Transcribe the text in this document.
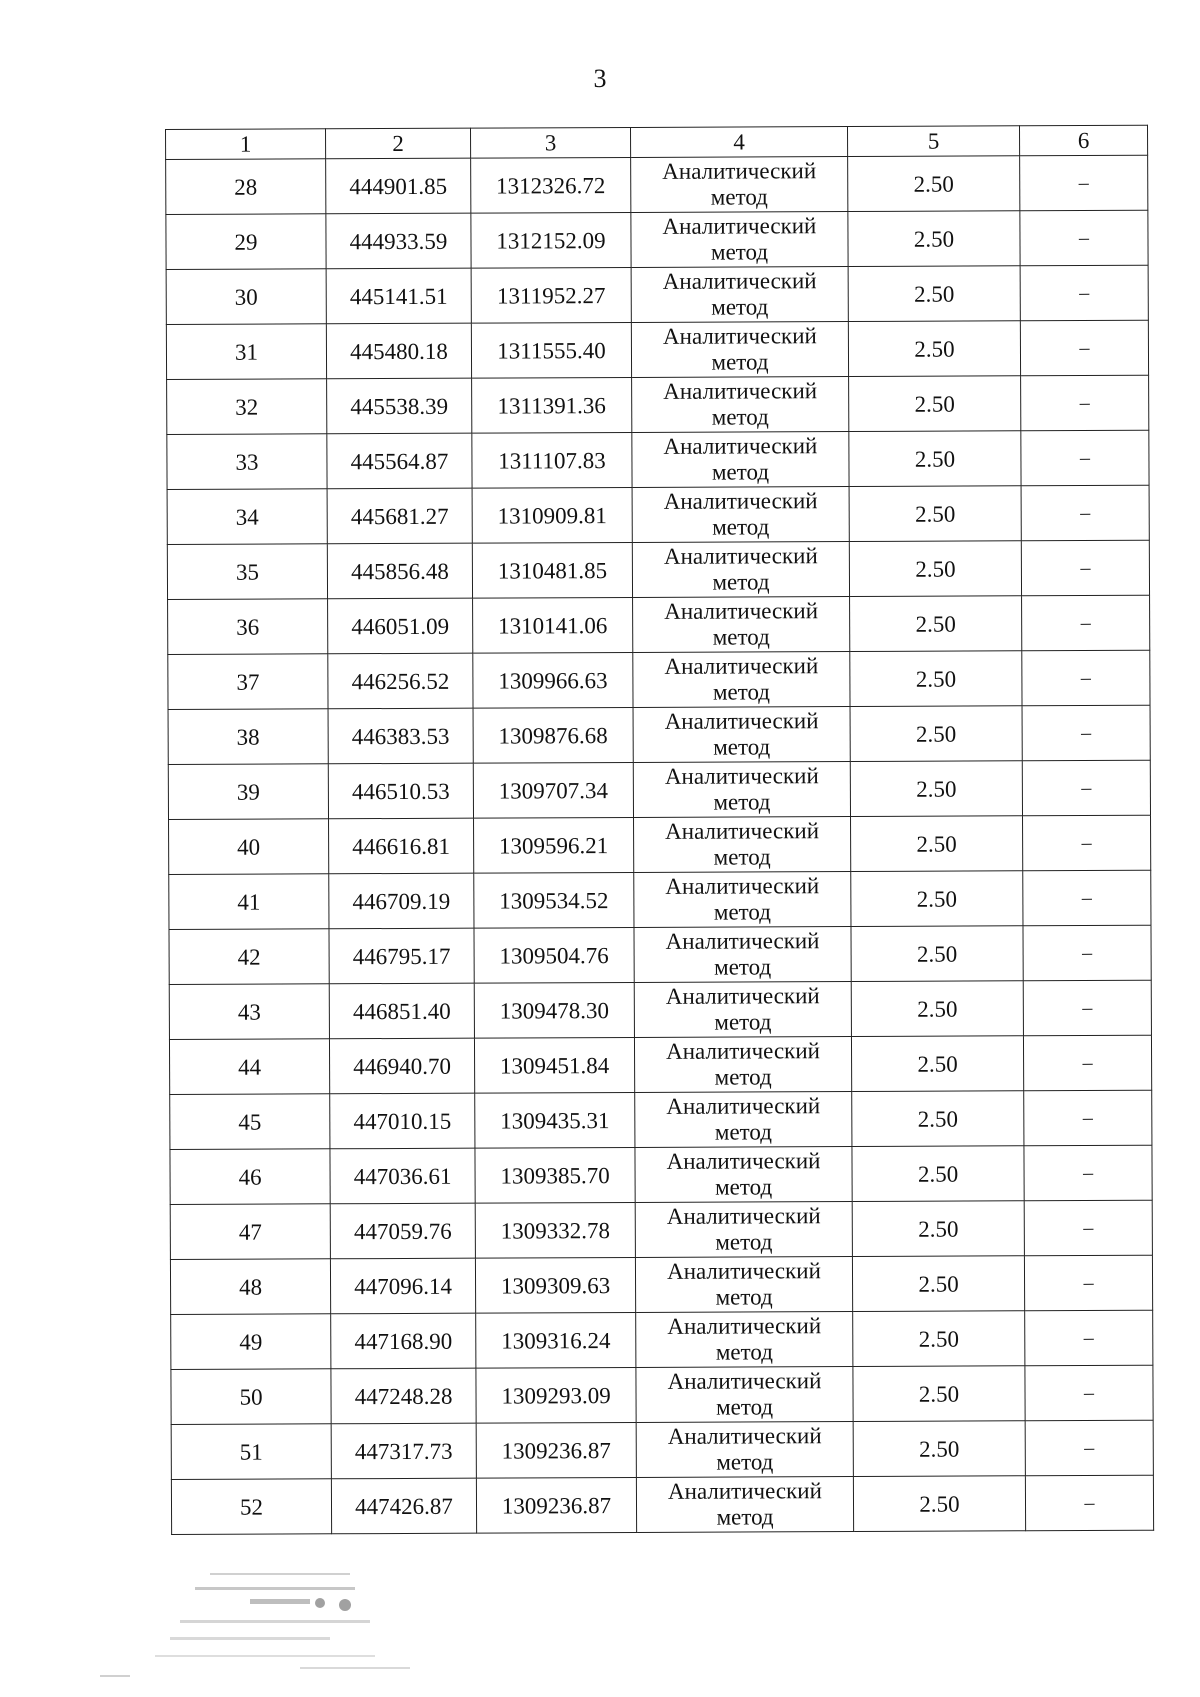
3
1	2	3	4	5	6
28	444901.85	1312326.72	Аналитический метод	2.50	–
29	444933.59	1312152.09	Аналитический метод	2.50	–
30	445141.51	1311952.27	Аналитический метод	2.50	–
31	445480.18	1311555.40	Аналитический метод	2.50	–
32	445538.39	1311391.36	Аналитический метод	2.50	–
33	445564.87	1311107.83	Аналитический метод	2.50	–
34	445681.27	1310909.81	Аналитический метод	2.50	–
35	445856.48	1310481.85	Аналитический метод	2.50	–
36	446051.09	1310141.06	Аналитический метод	2.50	–
37	446256.52	1309966.63	Аналитический метод	2.50	–
38	446383.53	1309876.68	Аналитический метод	2.50	–
39	446510.53	1309707.34	Аналитический метод	2.50	–
40	446616.81	1309596.21	Аналитический метод	2.50	–
41	446709.19	1309534.52	Аналитический метод	2.50	–
42	446795.17	1309504.76	Аналитический метод	2.50	–
43	446851.40	1309478.30	Аналитический метод	2.50	–
44	446940.70	1309451.84	Аналитический метод	2.50	–
45	447010.15	1309435.31	Аналитический метод	2.50	–
46	447036.61	1309385.70	Аналитический метод	2.50	–
47	447059.76	1309332.78	Аналитический метод	2.50	–
48	447096.14	1309309.63	Аналитический метод	2.50	–
49	447168.90	1309316.24	Аналитический метод	2.50	–
50	447248.28	1309293.09	Аналитический метод	2.50	–
51	447317.73	1309236.87	Аналитический метод	2.50	–
52	447426.87	1309236.87	Аналитический метод	2.50	–
